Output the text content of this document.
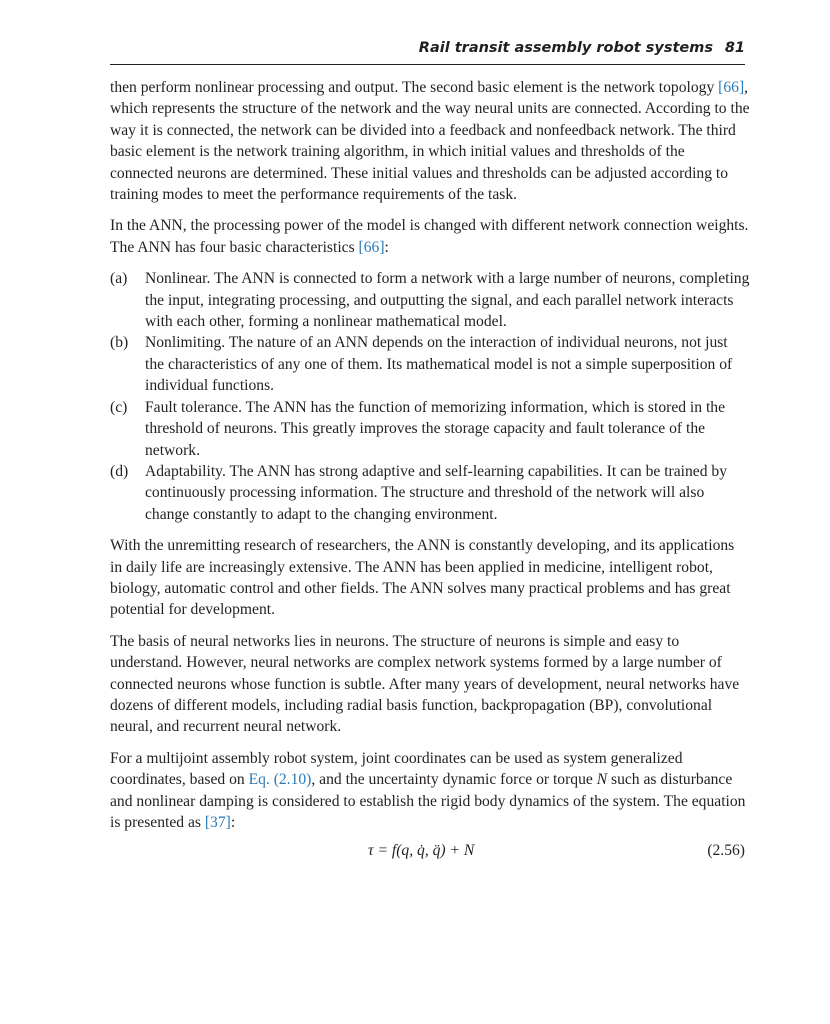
Rail transit assembly robot systems 81

then perform nonlinear processing and output. The second basic element is the network topology [66], which represents the structure of the network and the way neural units are connected. According to the way it is connected, the network can be divided into a feedback and nonfeedback network. The third basic element is the network training algorithm, in which initial values and thresholds of the connected neurons are determined. These initial values and thresholds can be adjusted according to training modes to meet the performance requirements of the task.

In the ANN, the processing power of the model is changed with different network connection weights. The ANN has four basic characteristics [66]:

(a) Nonlinear. The ANN is connected to form a network with a large number of neurons, completing the input, integrating processing, and outputting the signal, and each parallel network interacts with each other, forming a nonlinear mathematical model.
(b) Nonlimiting. The nature of an ANN depends on the interaction of individual neurons, not just the characteristics of any one of them. Its mathematical model is not a simple superposition of individual functions.
(c) Fault tolerance. The ANN has the function of memorizing information, which is stored in the threshold of neurons. This greatly improves the storage capacity and fault tolerance of the network.
(d) Adaptability. The ANN has strong adaptive and self-learning capabilities. It can be trained by continuously processing information. The structure and threshold of the network will also change constantly to adapt to the changing environment.

With the unremitting research of researchers, the ANN is constantly developing, and its applications in daily life are increasingly extensive. The ANN has been applied in medicine, intelligent robot, biology, automatic control and other fields. The ANN solves many practical problems and has great potential for development.

The basis of neural networks lies in neurons. The structure of neurons is simple and easy to understand. However, neural networks are complex network systems formed by a large number of connected neurons whose function is subtle. After many years of development, neural networks have dozens of different models, including radial basis function, backpropagation (BP), convolutional neural, and recurrent neural network.

For a multijoint assembly robot system, joint coordinates can be used as system generalized coordinates, based on Eq. (2.10), and the uncertainty dynamic force or torque N such as disturbance and nonlinear damping is considered to establish the rigid body dynamics of the system. The equation is presented as [37]:

τ = f(q, q̇, q̈) + N	(2.56)
